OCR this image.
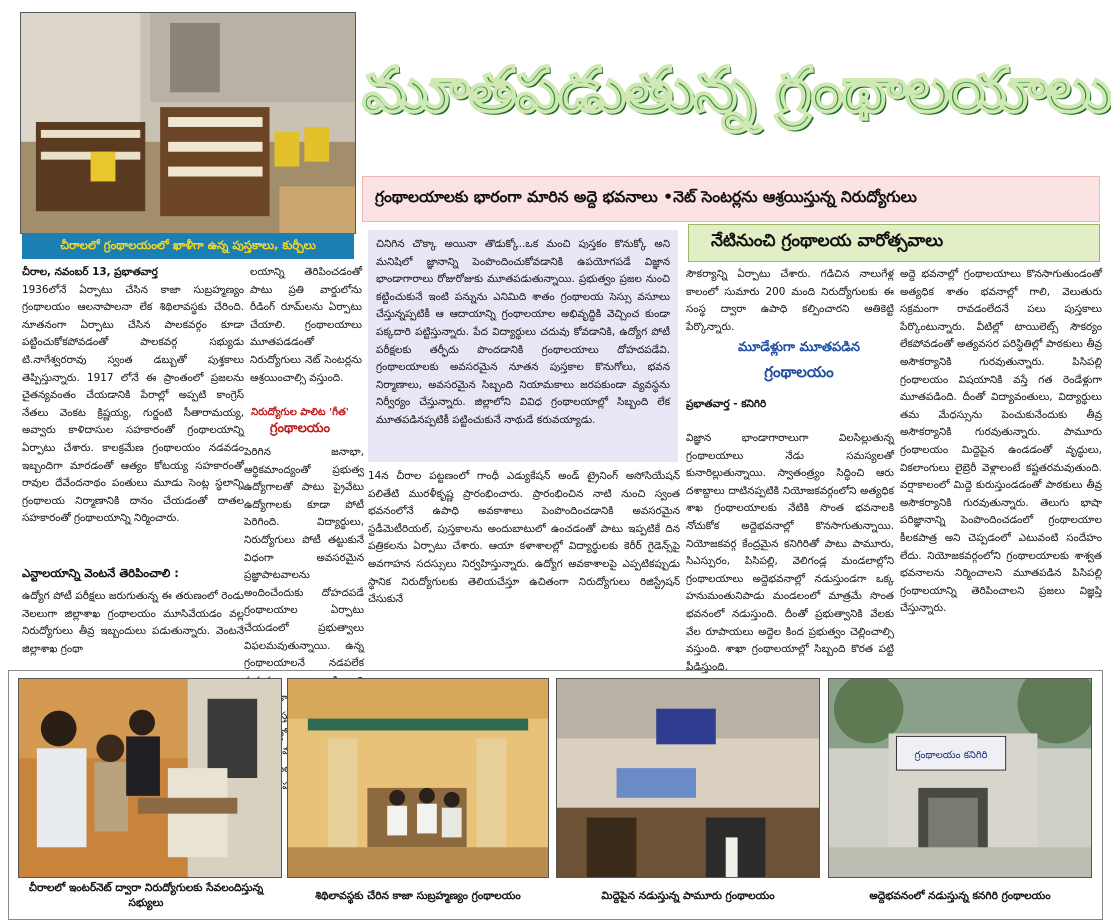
చీరాలలో గ్రంథాలయంలో ఖాళీగా ఉన్న పుస్తకాలు, కుర్చీలు
మూతపడుతున్న గ్రంథాలయాలు
గ్రంథాలయాలకు భారంగా మారిన అద్దె భవనాలు •నెట్ సెంటర్లను ఆశ్రయిస్తున్న నిరుద్యోగులు

చీరాల, నవంబర్ 13, ప్రభాతవార్త

1936లోనే ఏర్పాటు చేసిన కాజా సుబ్రహ్మణ్యం గ్రంథాలయం ఆలనాపాలనా లేక శిథిలావస్థకు చేరింది. నూతనంగా ఏర్పాటు చేసిన పాలకవర్గం కూడా పట్టించుకోకపోవడంతో పాలకవర్గ సభ్యుడు టి.నాగేశ్వరరావు స్వంత డబ్బుతో పుశ్తకాలు తెప్పిస్తున్నారు. 1917 లోనే ఈ ప్రాంతంలో ప్రజలను చైతన్యవంతం చేయడానికి పేరాల్లో అప్పటి కాంగ్రెస్ నేతలు వెంకట క్రిష్ణయ్య, గుర్జంటి సీతారామయ్య, అవ్వారు కాళిదాసుల సహకారంతో గ్రంథాలయాన్ని ఏర్పాటు చేశారు. కాలక్రమేణ గ్రంథాలయం నడవడం ఇబ్బందిగా మారడంతో ఆత్యం కోటయ్య సహకారంతో రావుల దేవేందనాథం పంతులు మూడు సెంట్ల స్థలాన్ని గ్రంథాలయ నిర్మాణానికి దానం చేయడంతో దాతల సహకారంతో గ్రంథాలయాన్ని నిర్మించారు.

ఎన్టాలయాన్ని వెంటనే తెరిపించాలి :
ఉద్యోగ పోటీ పరీక్షలు జరుగుతున్న ఈ తరుణంలో రెండు నెలలుగా జిల్లాశాఖ గ్రంథాలయం మూసివేయడం వల్ల నిరుద్యోగులు తీవ్ర ఇబ్బందులు పడుతున్నారు. వెంటనే జిల్లాశాఖ గ్రంథా
లయాన్ని తెరిపించడంతో పాటు ప్రతి వార్డులోను రీడింగ్ రూమ్‌లను ఏర్పాటు చేయాలి. గ్రంథాలయాలు మూతపడడంతో నిరుద్యోగులు నెట్ సెంటర్లను ఆశ్రయించాల్సి వస్తుంది.
నిరుద్యోగుల పాలిట 'గీత'
గ్రంథాలయం
పెరిగిన జనాభా, ఆర్థికమాంద్యంతో ప్రభుత్వ ఉద్యోగాలతో పాటు ప్రైవేటు ఉద్యోగాలకు కూడా పోటీ పెరిగింది. విద్యార్థులు, నిరుద్యోగులు పోటీ తట్టుకునే విధంగా అవసరమైన ప్రజ్ఞాపాటవాలను అందించేందుకు దోహదపడే గ్రంథాలయాల ఏర్పాటు చేయడంలో ప్రభుత్వాలు విఫలమవుతున్నాయి. ఉన్న గ్రంథాలయాలనే నడపలేక నీరుకారుస్తున్నాయి.
చినిగిన చొక్కా అయినా తొడుక్కో..ఒక మంచి పుస్తకం కొనుక్కో అని మనిషిలో జ్ఞానాన్ని పెంపొందించుకోవడానికి ఉపయోగపడే విజ్ఞాన భాండాగారాలు రోజురోజుకు మూతపడుతున్నాయి. ప్రభుత్వం ప్రజల నుంచి కట్టించుకునే ఇంటి పన్నును ఎనిమిది శాతం గ్రంథాలయ సెస్సు వసూలు చేస్తున్నప్పటికీ ఆ ఆదాయాన్ని గ్రంథాలయాల అభివృద్ధికి వెచ్చించ కుండా పక్కదారి పట్టిస్తున్నారు. పేద విద్యార్థులు చదువు కోవడానికి, ఉద్యోగ పోటీ పరీక్షలకు తర్ఫీదు పొందడానికి గ్రంథాలయాలు దోహదపడేవి. గ్రంథాలయాలకు అవసరమైన నూతన పుస్తకాల కొనుగోలు, భవన నిర్మాణాలు, అవసరమైన సిబ్బంది నియామకాలు జరపకుండా వ్యవస్థను నిర్వీర్యం చేస్తున్నారు. జిల్లాలోని వివిధ గ్రంథాలయాల్లో సిబ్బంది లేక మూతపడినప్పటికీ పట్టించుకునే నాథుడే కరువయ్యాడు.
14న చీరాల పట్టణంలో గాంధీ ఎడ్యుకేషన్ అండ్ ట్రైనింగ్ అసోసియేషన్ పలితేటి మురళీకృష్ణ ప్రారంభించారు. ప్రారంభించిన నాటి నుంచి స్వంత భవనంలోనే ఉపాధి అవకాశాలు పెంపొందించడానికి అవసరమైన స్టడీమెటీరియల్, పుస్తకాలను అందుబాటులో ఉంచడంతో పాటు ఇప్పటికే దిన పత్రికలను ఏర్పాటు చేశారు. ఆయా కళాశాలల్లో విద్యార్థులకు కెరీర్ గైడెన్స్‌పై అవగాహన సదస్సులు నిర్వహిస్తున్నారు. ఉద్యోగ అవకాశాలపై ఎప్పటికప్పుడు స్థానిక నిరుద్యోగులకు తెలియచేస్తూ ఉచితంగా నిరుద్యోగులు రిజిస్ట్రేషన్ చేసుకునే
నేటినుంచి గ్రంథాలయ వారోత్సవాలు
సౌకర్యాన్ని ఏర్పాటు చేశారు. గడిచిన నాలుగేళ్ల కాలంలో సుమారు 200 మంది నిరుద్యోగులకు ఈ సంస్థ ద్వారా ఉపాధి కల్పించారని ఆతికెట్టి పేర్కొన్నారు.
మూడేళ్లుగా మూతపడిన
గ్రంథాలయం
ప్రభాతవార్త - కనిగిరి
విజ్ఞాన భాండాగారాలుగా విలసిల్లుతున్న గ్రంథాలయాలు నేడు సమస్యలతో కునారిల్లుతున్నాయి. స్వాతంత్ర్యం సిద్ధించి ఆరు దశాబ్దాలు దాటినప్పటికి నియోజకవర్గంలోని అత్యధిక శాఖ గ్రంథాలయాలకు నేటికి సొంత భవనాలకి నోచుకోక అద్దెభవనాల్లో కొనసాగుతున్నాయి. నియోజకవర్గ కేంద్రమైన కనిగిరితో పాటు పామూరు, సిఎస్పురం, పిసిపల్లి, వెలిగండ్ల మండలాల్లోని గ్రంథాలయాలు అద్దెభవనాల్లో నడుస్తుండగా ఒక్క హనుమంతునిపాడు మండలంలో మాత్రమే సొంత భవనంలో నడుస్తుంది. దీంతో ప్రభుత్వానికి వేలకు వేల రూపాయలు అద్దెల కింద ప్రభుత్వం చెల్లించాల్సి వస్తుంది. శాఖా గ్రంథాలయాల్లో సిబ్బంది కొరత పట్టి పీడిస్తుంది.
అద్దె భవనాల్లో గ్రంథాలయాలు కొనసాగుతుండంతో అత్యధిక శాతం భవనాల్లో గాలి, వెలుతురు సక్రమంగా రావడంలేదనే పలు పుస్తకాలు పేర్కొంటున్నారు. వీటిల్లో టాయిలెట్స్ సౌకర్యం లేకపోవడంతో అత్యవసర పరిస్థితిల్లో పాఠకులు తీవ్ర అసౌకర్యానికి గురవుతున్నారు. పిసిపల్లి గ్రంథాలయం విషయానికి వస్తే గత రెండేళ్లుగా మూతపడింది. దీంతో విద్యావంతులు, విద్యార్థులు తమ మేధస్సును పెంచుకునేందుకు తీవ్ర అసౌకర్యానికి గురవుతున్నారు. పామూరు గ్రంథాలయం మిద్దెపైన ఉండడంతో వృద్ధులు, వికలాంగులు లైబ్రెరీ వెళ్లాలంటే కష్టతరమవుతుంది. వర్షాకాలంలో మిద్దె కురుస్తుండడంతో పాఠకులు తీవ్ర అసౌకర్యానికి గురవుతున్నారు. తెలుగు భాషా పరిజ్ఞానాన్ని పెంపొందించడంలో గ్రంథాలయాల కీలకపాత్ర అని చెప్పడంలో ఎటువంటి సందేహం లేదు. నియోజకవర్గంలోని గ్రంథాలయాలకు శాశ్వత భవనాలను నిర్మించాలని మూతపడిన పిసిపల్లి గ్రంథాలయాన్ని తెరిపించాలని ప్రజలు విజ్ఞప్తి చేస్తున్నారు.
గ్రంథాలయం కనిగిరి
చీరాలలో ఇంటర్‌నెట్ ద్వారా నిరుద్యోగులకు సేవలందిస్తున్న సభ్యులు
శిథిలావస్థకు చేరిన కాజా సుబ్రహ్మణ్యం గ్రంథాలయం	మిద్దెపైన నడుస్తున్న పామూరు గ్రంథాలయం	అద్దెభవనంలో నడుస్తున్న కనగిరి గ్రంథాలయం
